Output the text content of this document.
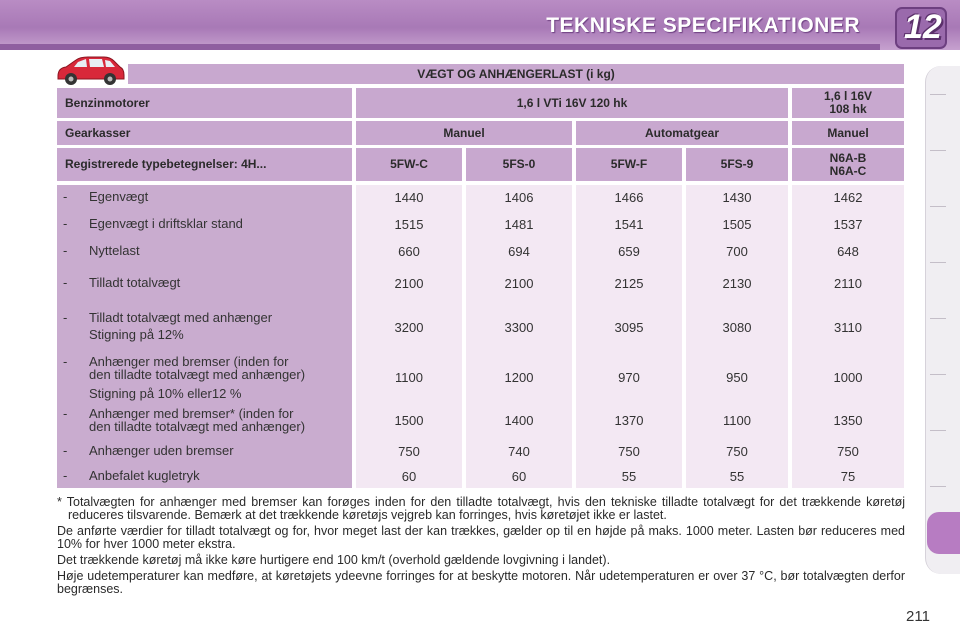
TEKNISKE SPECIFIKATIONER 12
VÆGT OG ANHÆNGERLAST (i kg)
Benzinmotorer	1,6 l VTi 16V 120 hk	1,6 l 16V
108 hk
Gearkasser	Manuel	Automatgear	Manuel
Registrerede typebetegnelser: 4H...	5FW-C	5FS-0	5FW-F	5FS-9	N6A-B
N6A-C
- Egenvægt	1440	1406	1466	1430	1462
- Egenvægt i driftsklar stand	1515	1481	1541	1505	1537
- Nyttelast	660	694	659	700	648
- Tilladt totalvægt	2100	2100	2125	2130	2110
- Tilladt totalvægt med anhænger
Stigning på 12%	3200	3300	3095	3080	3110
- Anhænger med bremser (inden for
den tilladte totalvægt med anhænger)
Stigning på 10% eller12 %
1100	1200	970	950	1000
- Anhænger med bremser* (inden for
den tilladte totalvægt med anhænger)	1500	1400	1370	1100	1350
- Anhænger uden bremser	750	740	750	750	750
- Anbefalet kugletryk	60	60	55	55	75

* Totalvægten for anhænger med bremser kan forøges inden for den tilladte totalvægt, hvis den tekniske tilladte totalvægt for det trækkende køretøj reduceres tilsvarende. Bemærk at det trækkende køretøjs vejgreb kan forringes, hvis køretøjet ikke er lastet.

De anførte værdier for tilladt totalvægt og for, hvor meget last der kan trækkes, gælder op til en højde på maks. 1000 meter. Lasten bør reduceres med 10% for hver 1000 meter ekstra.

Det trækkende køretøj må ikke køre hurtigere end 100 km/t (overhold gældende lovgivning i landet).

Høje udetemperaturer kan medføre, at køretøjets ydeevne forringes for at beskytte motoren. Når udetemperaturen er over 37 °C, bør totalvægten derfor begrænses.

211
